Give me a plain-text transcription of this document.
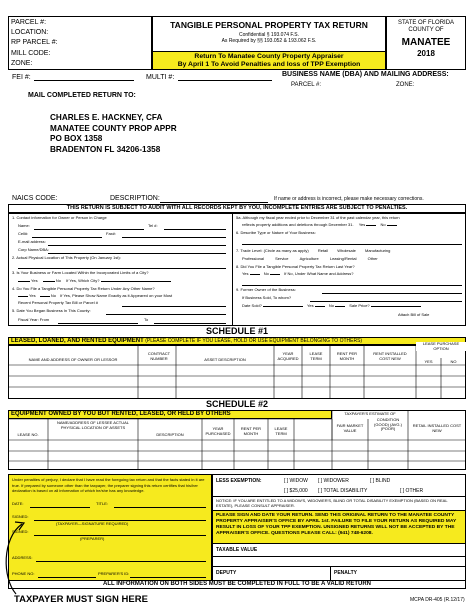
PARCEL #:
LOCATION:
RP PARCEL #:
MILL CODE:
ZONE:
TANGIBLE PERSONAL PROPERTY TAX RETURN
Confidential § 193.074 F.S.
As Required by §§ 193.052 & 193.062 F.S.
Return To Manatee County Property Appraiser
By April 1 To Avoid Penalties and loss of TPP Exemption
STATE OF FLORIDA
COUNTY OF
MANATEE
2018
FEI #:	MULTI #:	BUSINESS NAME (DBA) AND MAILING ADDRESS:
PARCEL #:	ZONE:
If name or address is incorrect, please make necessary corrections.
MAIL COMPLETED RETURN TO:
CHARLES E. HACKNEY, CFA
MANATEE COUNTY PROP APPR
PO BOX 1358
BRADENTON FL 34206-1358
NAICS CODE:	DESCRIPTION:
THIS RETURN IS SUBJECT TO AUDIT WITH ALL RECORDS KEPT BY YOU, INCOMPLETE ENTRIES ARE SUBJECT TO PENALTIES.
1. Contact information for Owner or Person in Charge
Name:	Tel #:
Cell#:	Fax#:
E-mail address:
Corp Name/DBA:
2. Actual Physical Location of This Property (On January 1st):
3. Is Your Business or Farm Located Within the Incorporated Limits of a City?
Yes	No If Yes, Which City?
4. Do You File a Tangible Personal Property Tax Return Under Any Other Name?
Yes	No If Yes, Please Show Name Exactly as it Appeared on your Most
Recent Personal Property Tax Bill or Parcel #
5. Date You Began Business In This County:
Fiscal Year: From	To
5a. Although my fiscal year ended prior to December 31 of the past calendar year, this return
reflects property additions and deletions through December 31. Yes	No
6. Describe Type or Nature of Your Business:
7. Trade Level: (Circle as many as apply) Retail Wholesale Manufacturing
Professional	Service	Agriculture	Leasing/Rental	Other
8. Did You File a Tangible Personal Property Tax Return Last Year?
Yes	No	If No, Under What Name and Address?
9. Former Owner of the Business:
If Business Sold, To whom?
Date Sold?	Yes	No	Sale Price?
Attach Bill of Sale
SCHEDULE #1
LEASED, LOANED, AND RENTED EQUIPMENT (PLEASE COMPLETE IF YOU LEASE, HOLD OR USE EQUIPMENT BELONGING TO OTHERS)
NAME AND ADDRESS OF OWNER OR LESSOR
CONTRACT NUMBER	ASSET DESCRIPTION
YEAR ACQUIRED
LEASE TERM
RENT PER MONTH
RENT INSTALLED COST NEW
LEASE PURCHASE OPTION
YES	NO
SCHEDULE #2
EQUIPMENT OWNED BY YOU BUT RENTED, LEASED, OR HELD BY OTHERS	TAXPAYER'S ESTIMATE OF
LEASE NO.
NAME/ADDRESS OF LESSEE ACTUAL PHYSICAL LOCATION OF ASSETS
DESCRIPTION
YEAR PURCHASED
RENT PER MONTH
LEASE TERM
FAIR MARKET VALUE
CONDITION (GOOD) (AVG.) (POOR)
RETAIL INSTALLED COST NEW
Under penalties of perjury, I declare that I have read the foregoing tax return and that the facts stated in it are true. If prepared by someone other than the taxpayer, the preparer signing this return certifies that his/her declaration is based on all information of which he/she has any knowledge.
DATE:	TITLE:
SIGNED:
(TAXPAYER—SIGNATURE REQUIRED)
SIGNED:
(PREPARER)
ADDRESS:
PHONE NO:	PREPARER'S ID:
LESS EXEMPTION:	[ ] WIDOW [ ] WIDOWER	[ ] BLIND
[ ] $25,000 [ ] TOTAL DISABILITY	[ ] OTHER
NOTICE: IF YOU ARE ENTITLED TO A WIDOW'S, WIDOWER'S, BLIND OR TOTAL DISABILITY EXEMPTION (BASED ON REAL ESTATE), PLEASE CONSULT APPRAISER.
PLEASE SIGN AND DATE YOUR RETURN. SEND THIS ORIGINAL RETURN TO THE MANATEE COUNTY PROPERTY APPRAISER'S OFFICE BY APRIL 1st. FAILURE TO FILE YOUR RETURN AS REQUIRED MAY RESULT IN LOSS OF YOUR TPP EXEMPTION. UNSIGNED RETURNS WILL NOT BE ACCEPTED BY THE APPRAISER'S OFFICE. QUESTIONS PLEASE CALL: (941) 748-6208.
TAXABLE VALUE
DEPUTY	PENALTY
ALL INFORMATION ON BOTH SIDES MUST BE COMPLETED IN FULL TO BE A VALID RETURN
TAXPAYER MUST SIGN HERE	MCPA DR-405 (R.12/17)
